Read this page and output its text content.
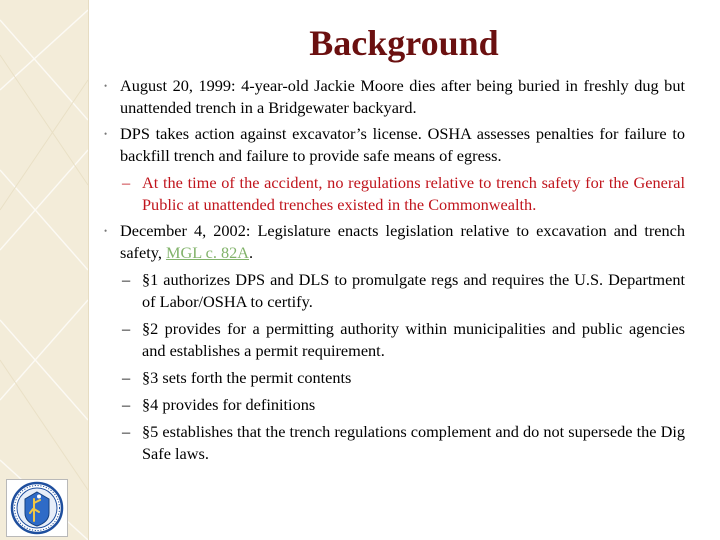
Background
• August 20, 1999: 4-year-old Jackie Moore dies after being buried in freshly dug but unattended trench in a Bridgewater backyard.
• DPS takes action against excavator’s license. OSHA assesses penalties for failure to backfill trench and failure to provide safe means of egress.
– At the time of the accident, no regulations relative to trench safety for the General Public at unattended trenches existed in the Commonwealth.
• December 4, 2002: Legislature enacts legislation relative to excavation and trench safety, MGL c. 82A.
– §1 authorizes DPS and DLS to promulgate regs and requires the U.S. Department of Labor/OSHA to certify.
– §2 provides for a permitting authority within municipalities and public agencies and establishes a permit requirement.
– §3 sets forth the permit contents
– §4 provides for definitions
– §5 establishes that the trench regulations complement and do not supersede the Dig Safe laws.
